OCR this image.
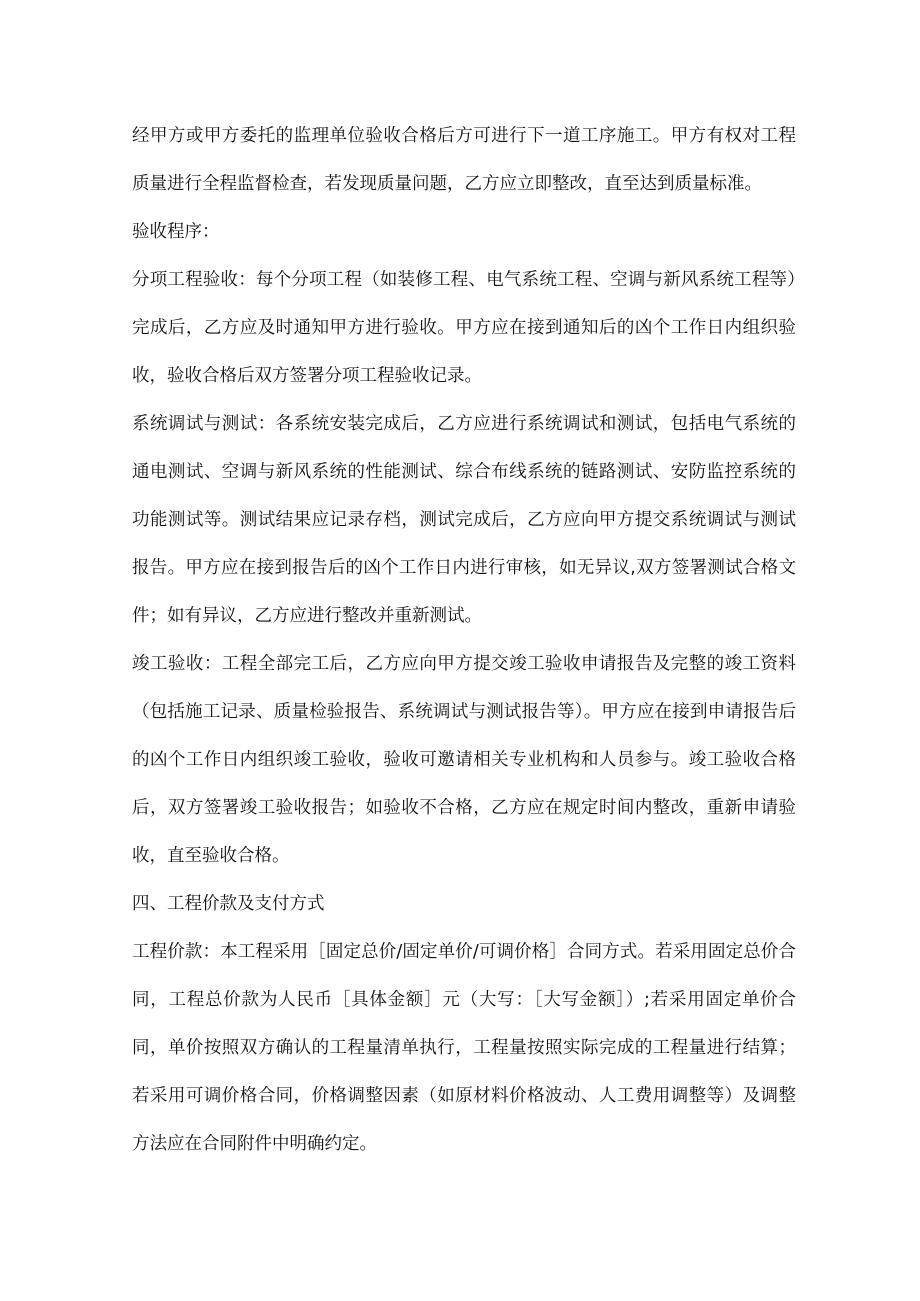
经甲方或甲方委托的监理单位验收合格后方可进行下一道工序施工。甲方有权对工程质量进行全程监督检查，若发现质量问题，乙方应立即整改，直至达到质量标准。

验收程序：

分项工程验收：每个分项工程（如装修工程、电气系统工程、空调与新风系统工程等）完成后，乙方应及时通知甲方进行验收。甲方应在接到通知后的凶个工作日内组织验收，验收合格后双方签署分项工程验收记录。

系统调试与测试：各系统安装完成后，乙方应进行系统调试和测试，包括电气系统的通电测试、空调与新风系统的性能测试、综合布线系统的链路测试、安防监控系统的功能测试等。测试结果应记录存档，测试完成后，乙方应向甲方提交系统调试与测试报告。甲方应在接到报告后的凶个工作日内进行审核，如无异议,双方签署测试合格文件；如有异议，乙方应进行整改并重新测试。

竣工验收：工程全部完工后，乙方应向甲方提交竣工验收申请报告及完整的竣工资料（包括施工记录、质量检验报告、系统调试与测试报告等）。甲方应在接到申请报告后的凶个工作日内组织竣工验收，验收可邀请相关专业机构和人员参与。竣工验收合格后，双方签署竣工验收报告；如验收不合格，乙方应在规定时间内整改，重新申请验收，直至验收合格。

四、工程价款及支付方式

工程价款：本工程采用［固定总价/固定单价/可调价格］合同方式。若采用固定总价合同，工程总价款为人民币［具体金额］元（大写：［大写金额］）;若采用固定单价合同，单价按照双方确认的工程量清单执行，工程量按照实际完成的工程量进行结算；若采用可调价格合同，价格调整因素（如原材料价格波动、人工费用调整等）及调整方法应在合同附件中明确约定。
